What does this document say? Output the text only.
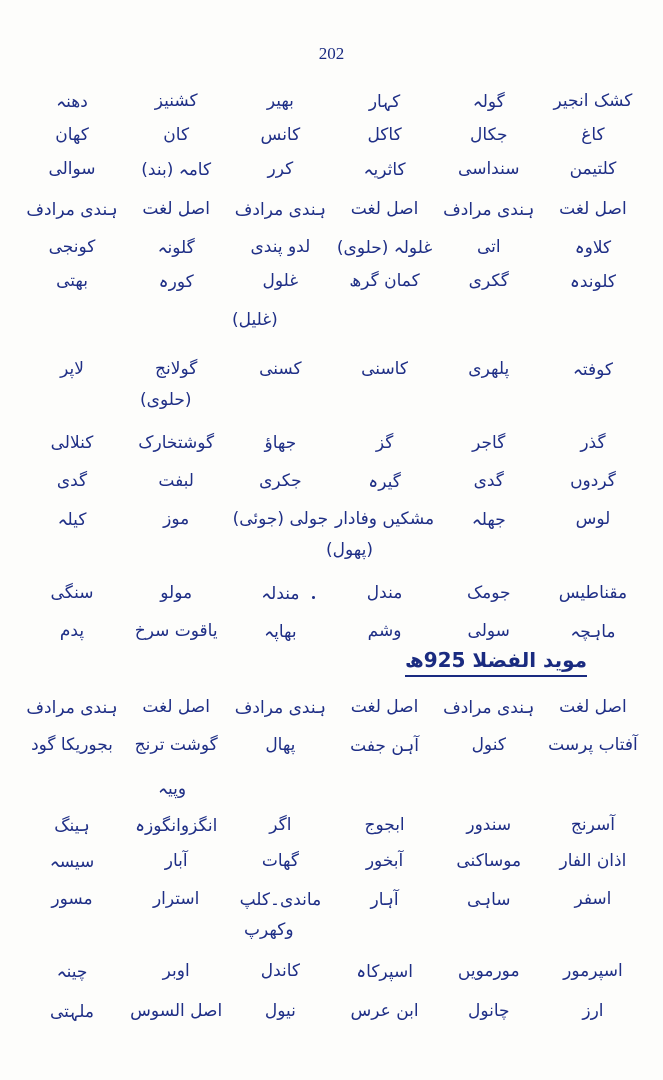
202
کشک انجیر
گولہ
کہار
بھیر
کشنیز
دھنہ
کاغ
جکال
کاکل
کانس
کان
کھان
کلتیمن
سنداسی
کاثریہ
کرر
کامہ (بند)
سوالی
اصل لغت
ہندی مرادف
اصل لغت
ہندی مرادف
اصل لغت
ہندی مرادف
کلاوہ
اتی
غلولہ (حلوی)
لدو پندی
گلونہ
کونجی
کلوندہ
گکری
کمان گرھ
غلول
کورہ
بھتی
(غلیل)
کوفتہ
پلھری
کاسنی
کسنی
گولانج
لاپر
(حلوی)
گذر
گاجر
گز
جھاؤ
گوشتخارک
کنلالی
گردوں
گدی
گیرہ
جکری
لبفت
گدی
لوس
جھلہ
مشکیں وفادار
جولی (جوئی)
موز
کیلہ
(پھول)
مقناطیس
جومک
مندل
مندلہ
مولو
سنگی
ماہچہ
سولی
وشم
بھاپہ
یاقوت سرخ
پدم
موید الفضلا 925ھ
اصل لغت
ہندی مرادف
اصل لغت
ہندی مرادف
اصل لغت
ہندی مرادف
آفتاب پرست
کنول
آہن جفت
پھال
گوشت ترنج
بجوریکا گود
وپیہ
آسرنج
سندور
ابجوج
اگر
انگزوانگوزہ
ہینگ
اذان الفار
موساکنی
آبخور
گھات
آبار
سیسہ
اسفر
ساہی
آہار
ماندی۔کلپ
استرار
مسور
وکھرپ
اسپرمور
مورمویں
اسپرکاہ
کاندل
اوبر
چینہ
ارز
چانول
ابن عرس
نیول
اصل السوس
ملہتی
